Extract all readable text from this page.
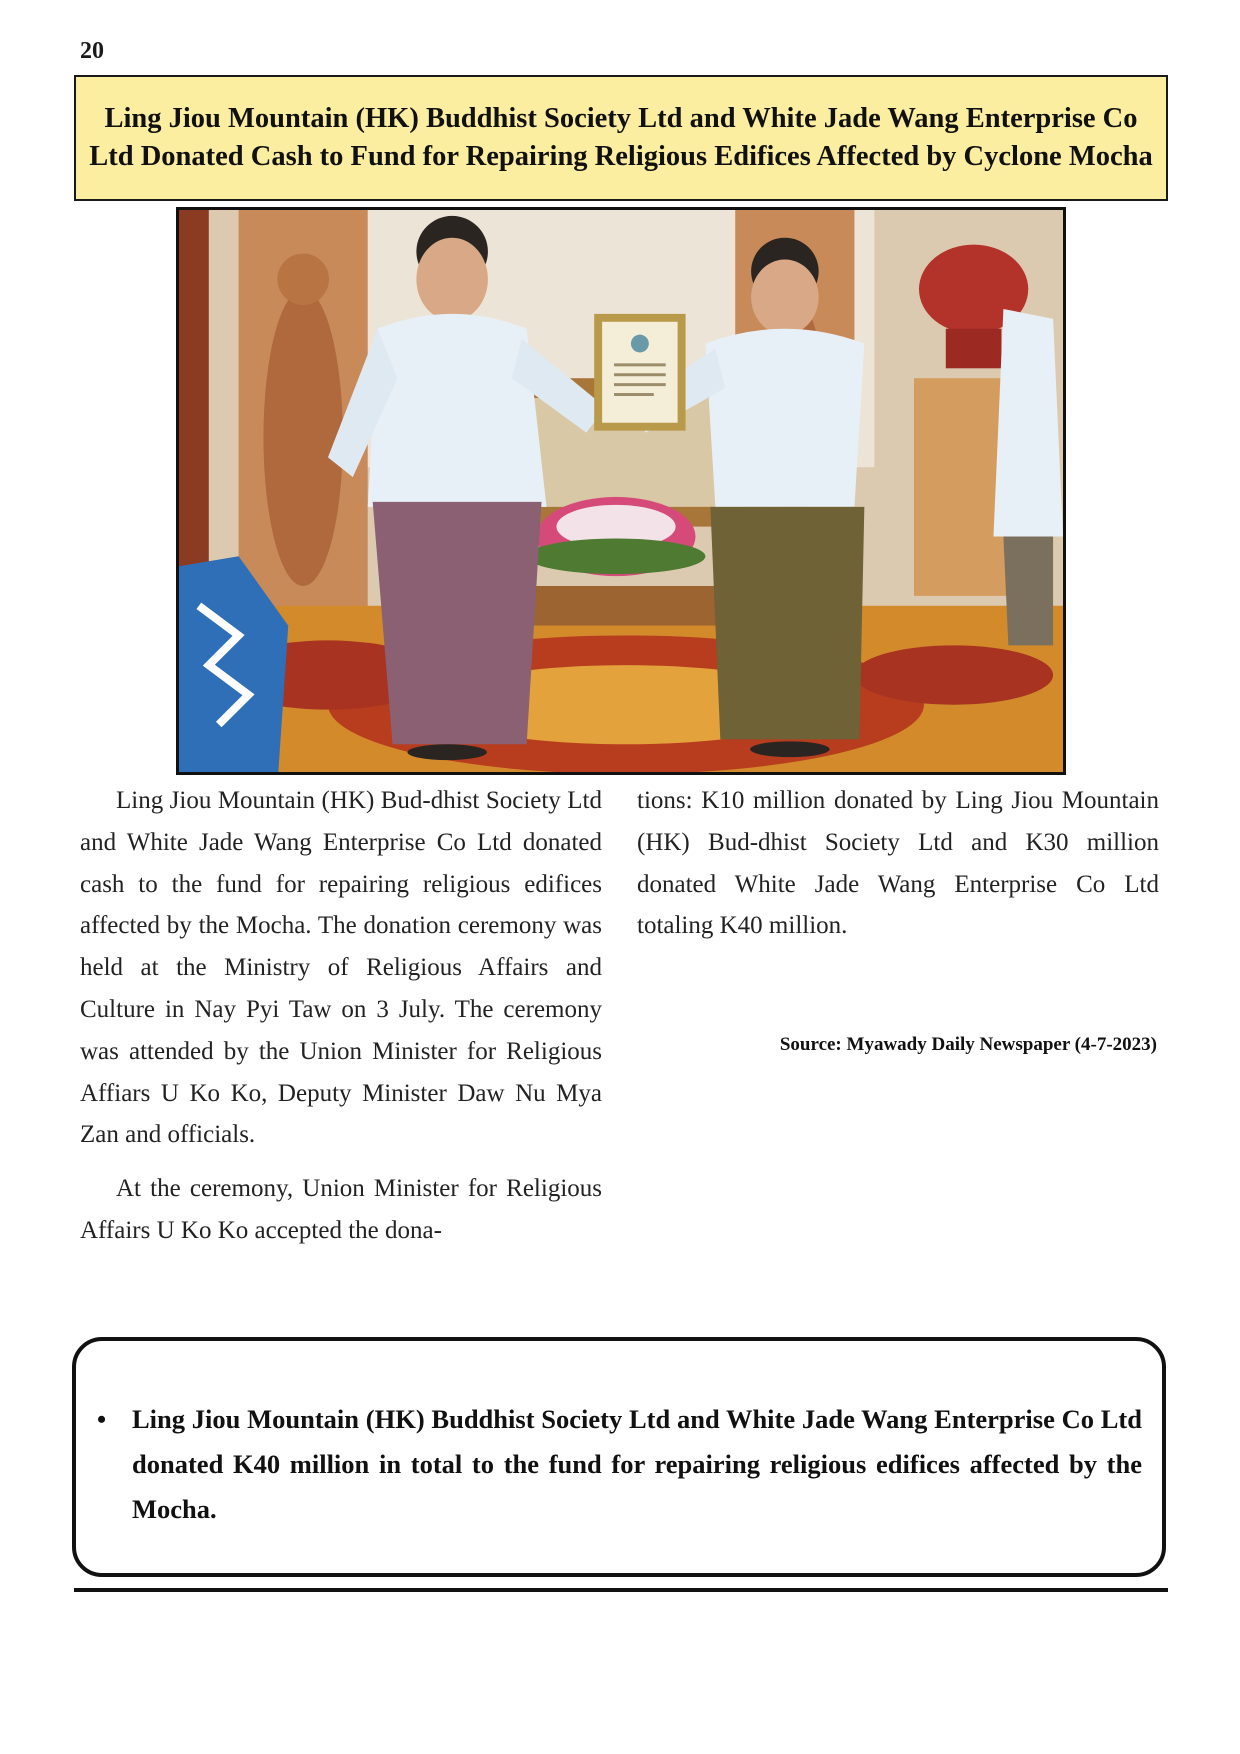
20
Ling Jiou Mountain (HK) Buddhist Society Ltd and White Jade Wang Enterprise Co Ltd Donated Cash to Fund for Repairing Religious Edifices Affected by Cyclone Mocha

Ling Jiou Mountain (HK) Bud-dhist Society Ltd and White Jade Wang Enterprise Co Ltd donated cash to the fund for repairing religious edifices affected by the Mocha. The donation ceremony was held at the Ministry of Religious Affairs and Culture in Nay Pyi Taw on 3 July. The ceremony was attended by the Union Minister for Religious Affiars U Ko Ko, Deputy Minister Daw Nu Mya Zan and officials.

At the ceremony, Union Minister for Religious Affairs U Ko Ko accepted the dona-

tions: K10 million donated by Ling Jiou Mountain (HK) Bud-dhist Society Ltd and K30 million donated White Jade Wang Enterprise Co Ltd totaling K40 million.

Source: Myawady Daily Newspaper (4-7-2023)
• Ling Jiou Mountain (HK) Buddhist Society Ltd and White Jade Wang Enterprise Co Ltd donated K40 million in total to the fund for repairing religious edifices affected by the Mocha.
